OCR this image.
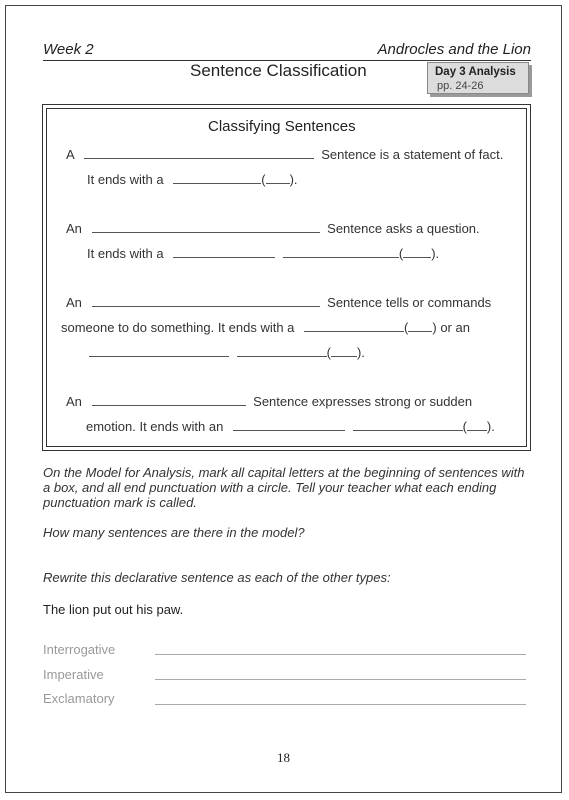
Week 2	Androcles and the Lion
Sentence Classification	Day 3 Analysis
pp. 24-26
Classifying Sentences
A	Sentence is a statement of fact.
It ends with a	( ).
An	Sentence asks a question.
It ends with a	( ).
An	Sentence tells or commands
someone to do something. It ends with a	( ) or an
( ).
An	Sentence expresses strong or sudden
emotion. It ends with an	( ).
On the Model for Analysis, mark all capital letters at the beginning of sentences with a box, and all end punctuation with a circle. Tell your teacher what each ending punctuation mark is called.
How many sentences are there in the model?
Rewrite this declarative sentence as each of the other types:
The lion put out his paw.
Interrogative
Imperative
Exclamatory
18
